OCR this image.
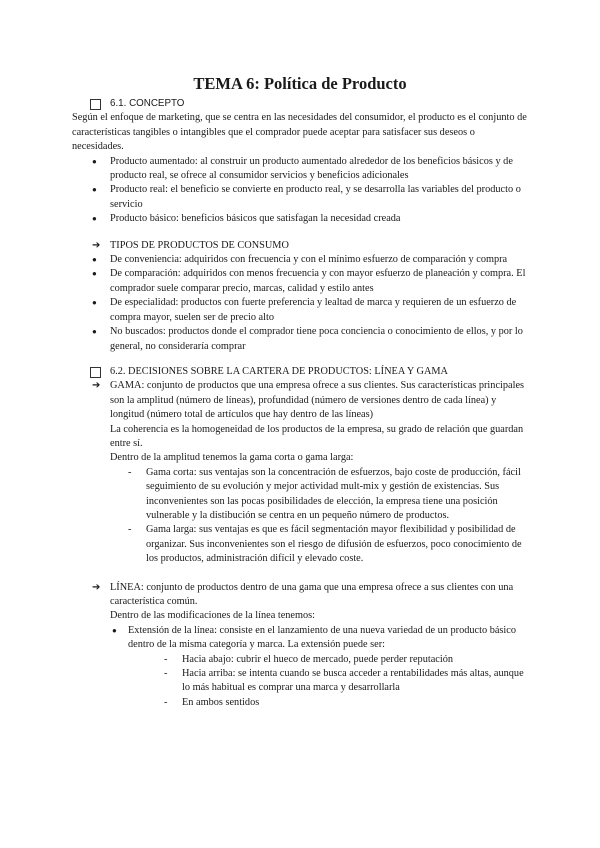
TEMA 6: Política de Producto
6.1. CONCEPTO

Según el enfoque de marketing, que se centra en las necesidades del consumidor, el producto es el conjunto de características tangibles o intangibles que el comprador puede aceptar para satisfacer sus deseos o necesidades.

● Producto aumentado: al construir un producto aumentado alrededor de los beneficios básicos y de producto real, se ofrece al consumidor servicios y beneficios adicionales
● Producto real: el beneficio se convierte en producto real, y se desarrolla las variables del producto o servicio
● Producto básico: beneficios básicos que satisfagan la necesidad creada
➔ TIPOS DE PRODUCTOS DE CONSUMO
● De conveniencia: adquiridos con frecuencia y con el mínimo esfuerzo de comparación y compra
● De comparación: adquiridos con menos frecuencia y con mayor esfuerzo de planeación y compra. El comprador suele comparar precio, marcas, calidad y estilo antes
● De especialidad: productos con fuerte preferencia y lealtad de marca y requieren de un esfuerzo de compra mayor, suelen ser de precio alto
● No buscados: productos donde el comprador tiene poca conciencia o conocimiento de ellos, y por lo general, no consideraría comprar
6.2. DECISIONES SOBRE LA CARTERA DE PRODUCTOS: LÍNEA Y GAMA
➔ GAMA: conjunto de productos que una empresa ofrece a sus clientes. Sus características principales son la amplitud (número de líneas), profundidad (número de versiones dentro de cada línea) y longitud (número total de artículos que hay dentro de las líneas)
La coherencia es la homogeneidad de los productos de la empresa, su grado de relación que guardan entre sí.
Dentro de la amplitud tenemos la gama corta o gama larga:
- Gama corta: sus ventajas son la concentración de esfuerzos, bajo coste de producción, fácil seguimiento de su evolución y mejor actividad mult-mix y gestión de existencias. Sus inconvenientes son las pocas posibilidades de elección, la empresa tiene una posición vulnerable y la distibución se centra en un pequeño número de productos.
- Gama larga: sus ventajas es que es fácil segmentación mayor flexibilidad y posibilidad de organizar. Sus inconvenientes son el riesgo de difusión de esfuerzos, poco conocimiento de los productos, administración difícil y elevado coste.
➔ LÍNEA: conjunto de productos dentro de una gama que una empresa ofrece a sus clientes con una característica común.
Dentro de las modificaciones de la línea tenemos:
● Extensión de la línea: consiste en el lanzamiento de una nueva variedad de un producto básico dentro de la misma categoría y marca. La extensión puede ser:
- Hacia abajo: cubrir el hueco de mercado, puede perder reputación
- Hacia arriba: se intenta cuando se busca acceder a rentabilidades más altas, aunque lo más habitual es comprar una marca y desarrollarla
- En ambos sentidos
